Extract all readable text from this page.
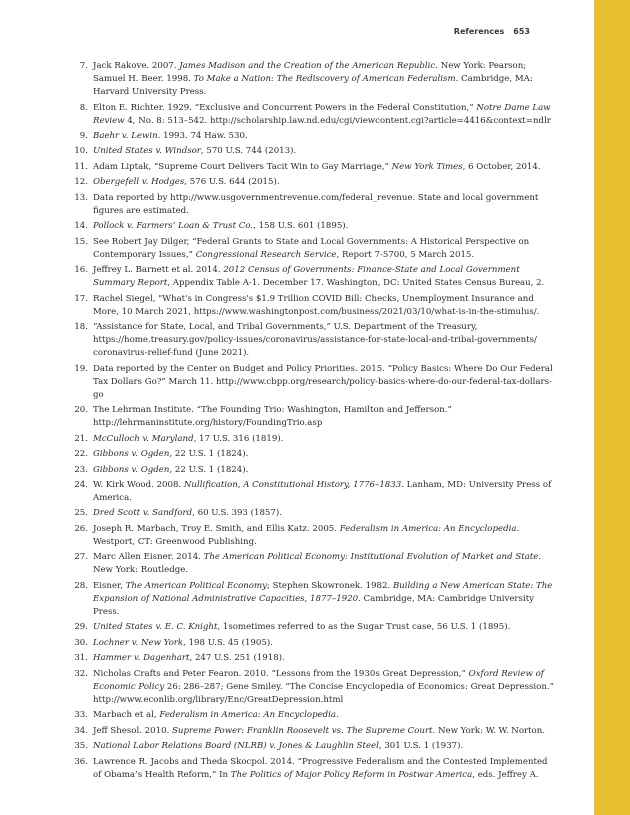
References 653
7. Jack Rakove. 2007. James Madison and the Creation of the American Republic. New York: Pearson; Samuel H. Beer. 1998. To Make a Nation: The Rediscovery of American Federalism. Cambridge, MA: Harvard University Press.
8. Elton E. Richter. 1929. “Exclusive and Concurrent Powers in the Federal Constitution,” Notre Dame Law Review 4, No. 8: 513–542. http://scholarship.law.nd.edu/cgi/viewcontent.cgi?article=4416&context=ndlr
9. Baehr v. Lewin. 1993. 74 Haw. 530.
10. United States v. Windsor, 570 U.S. 744 (2013).
11. Adam Liptak, “Supreme Court Delivers Tacit Win to Gay Marriage,” New York Times, 6 October, 2014.
12. Obergefell v. Hodges, 576 U.S. 644 (2015).
13. Data reported by http://www.usgovernmentrevenue.com/federal_revenue. State and local government figures are estimated.
14. Pollock v. Farmers’ Loan & Trust Co., 158 U.S. 601 (1895).
15. See Robert Jay Dilger, “Federal Grants to State and Local Governments: A Historical Perspective on Contemporary Issues,” Congressional Research Service, Report 7-5700, 5 March 2015.
16. Jeffrey L. Barnett et al. 2014. 2012 Census of Governments: Finance-State and Local Government Summary Report, Appendix Table A-1. December 17. Washington, DC: United States Census Bureau, 2.
17. Rachel Siegel, "What's in Congress's $1.9 Trillion COVID Bill: Checks, Unemployment Insurance and More, 10 March 2021, https://www.washingtonpost.com/business/2021/03/10/what-is-in-the-stimulus/.
18. “Assistance for State, Local, and Tribal Governments,” U.S. Department of the Treasury, https://home.treasury.gov/policy-issues/coronavirus/assistance-for-state-local-and-tribal-governments/ coronavirus-relief-fund (June 2021).
19. Data reported by the Center on Budget and Policy Priorities. 2015. “Policy Basics: Where Do Our Federal Tax Dollars Go?” March 11. http://www.cbpp.org/research/policy-basics-where-do-our-federal-tax-dollars-go
20. The Lehrman Institute. “The Founding Trio: Washington, Hamilton and Jefferson.” http://lehrmaninstitute.org/history/FoundingTrio.asp
21. McCulloch v. Maryland, 17 U.S. 316 (1819).
22. Gibbons v. Ogden, 22 U.S. 1 (1824).
23. Gibbons v. Ogden, 22 U.S. 1 (1824).
24. W. Kirk Wood. 2008. Nullification, A Constitutional History, 1776–1833. Lanham, MD: University Press of America.
25. Dred Scott v. Sandford, 60 U.S. 393 (1857).
26. Joseph R. Marbach, Troy E. Smith, and Ellis Katz. 2005. Federalism in America: An Encyclopedia. Westport, CT: Greenwood Publishing.
27. Marc Allen Eisner. 2014. The American Political Economy: Institutional Evolution of Market and State. New York: Routledge.
28. Eisner, The American Political Economy; Stephen Skowronek. 1982. Building a New American State: The Expansion of National Administrative Capacities, 1877–1920. Cambridge, MA: Cambridge University Press.
29. United States v. E. C. Knight, 1sometimes referred to as the Sugar Trust case, 56 U.S. 1 (1895).
30. Lochner v. New York, 198 U.S. 45 (1905).
31. Hammer v. Dagenhart, 247 U.S. 251 (1918).
32. Nicholas Crafts and Peter Fearon. 2010. “Lessons from the 1930s Great Depression,” Oxford Review of Economic Policy 26: 286–287; Gene Smiley. “The Concise Encyclopedia of Economics: Great Depression.” http://www.econlib.org/library/Enc/GreatDepression.html
33. Marbach et al, Federalism in America: An Encyclopedia.
34. Jeff Shesol. 2010. Supreme Power: Franklin Roosevelt vs. The Supreme Court. New York: W. W. Norton.
35. National Labor Relations Board (NLRB) v. Jones & Laughlin Steel, 301 U.S. 1 (1937).
36. Lawrence R. Jacobs and Theda Skocpol. 2014. “Progressive Federalism and the Contested Implemented of Obama’s Health Reform,” In The Politics of Major Policy Reform in Postwar America, eds. Jeffrey A.
